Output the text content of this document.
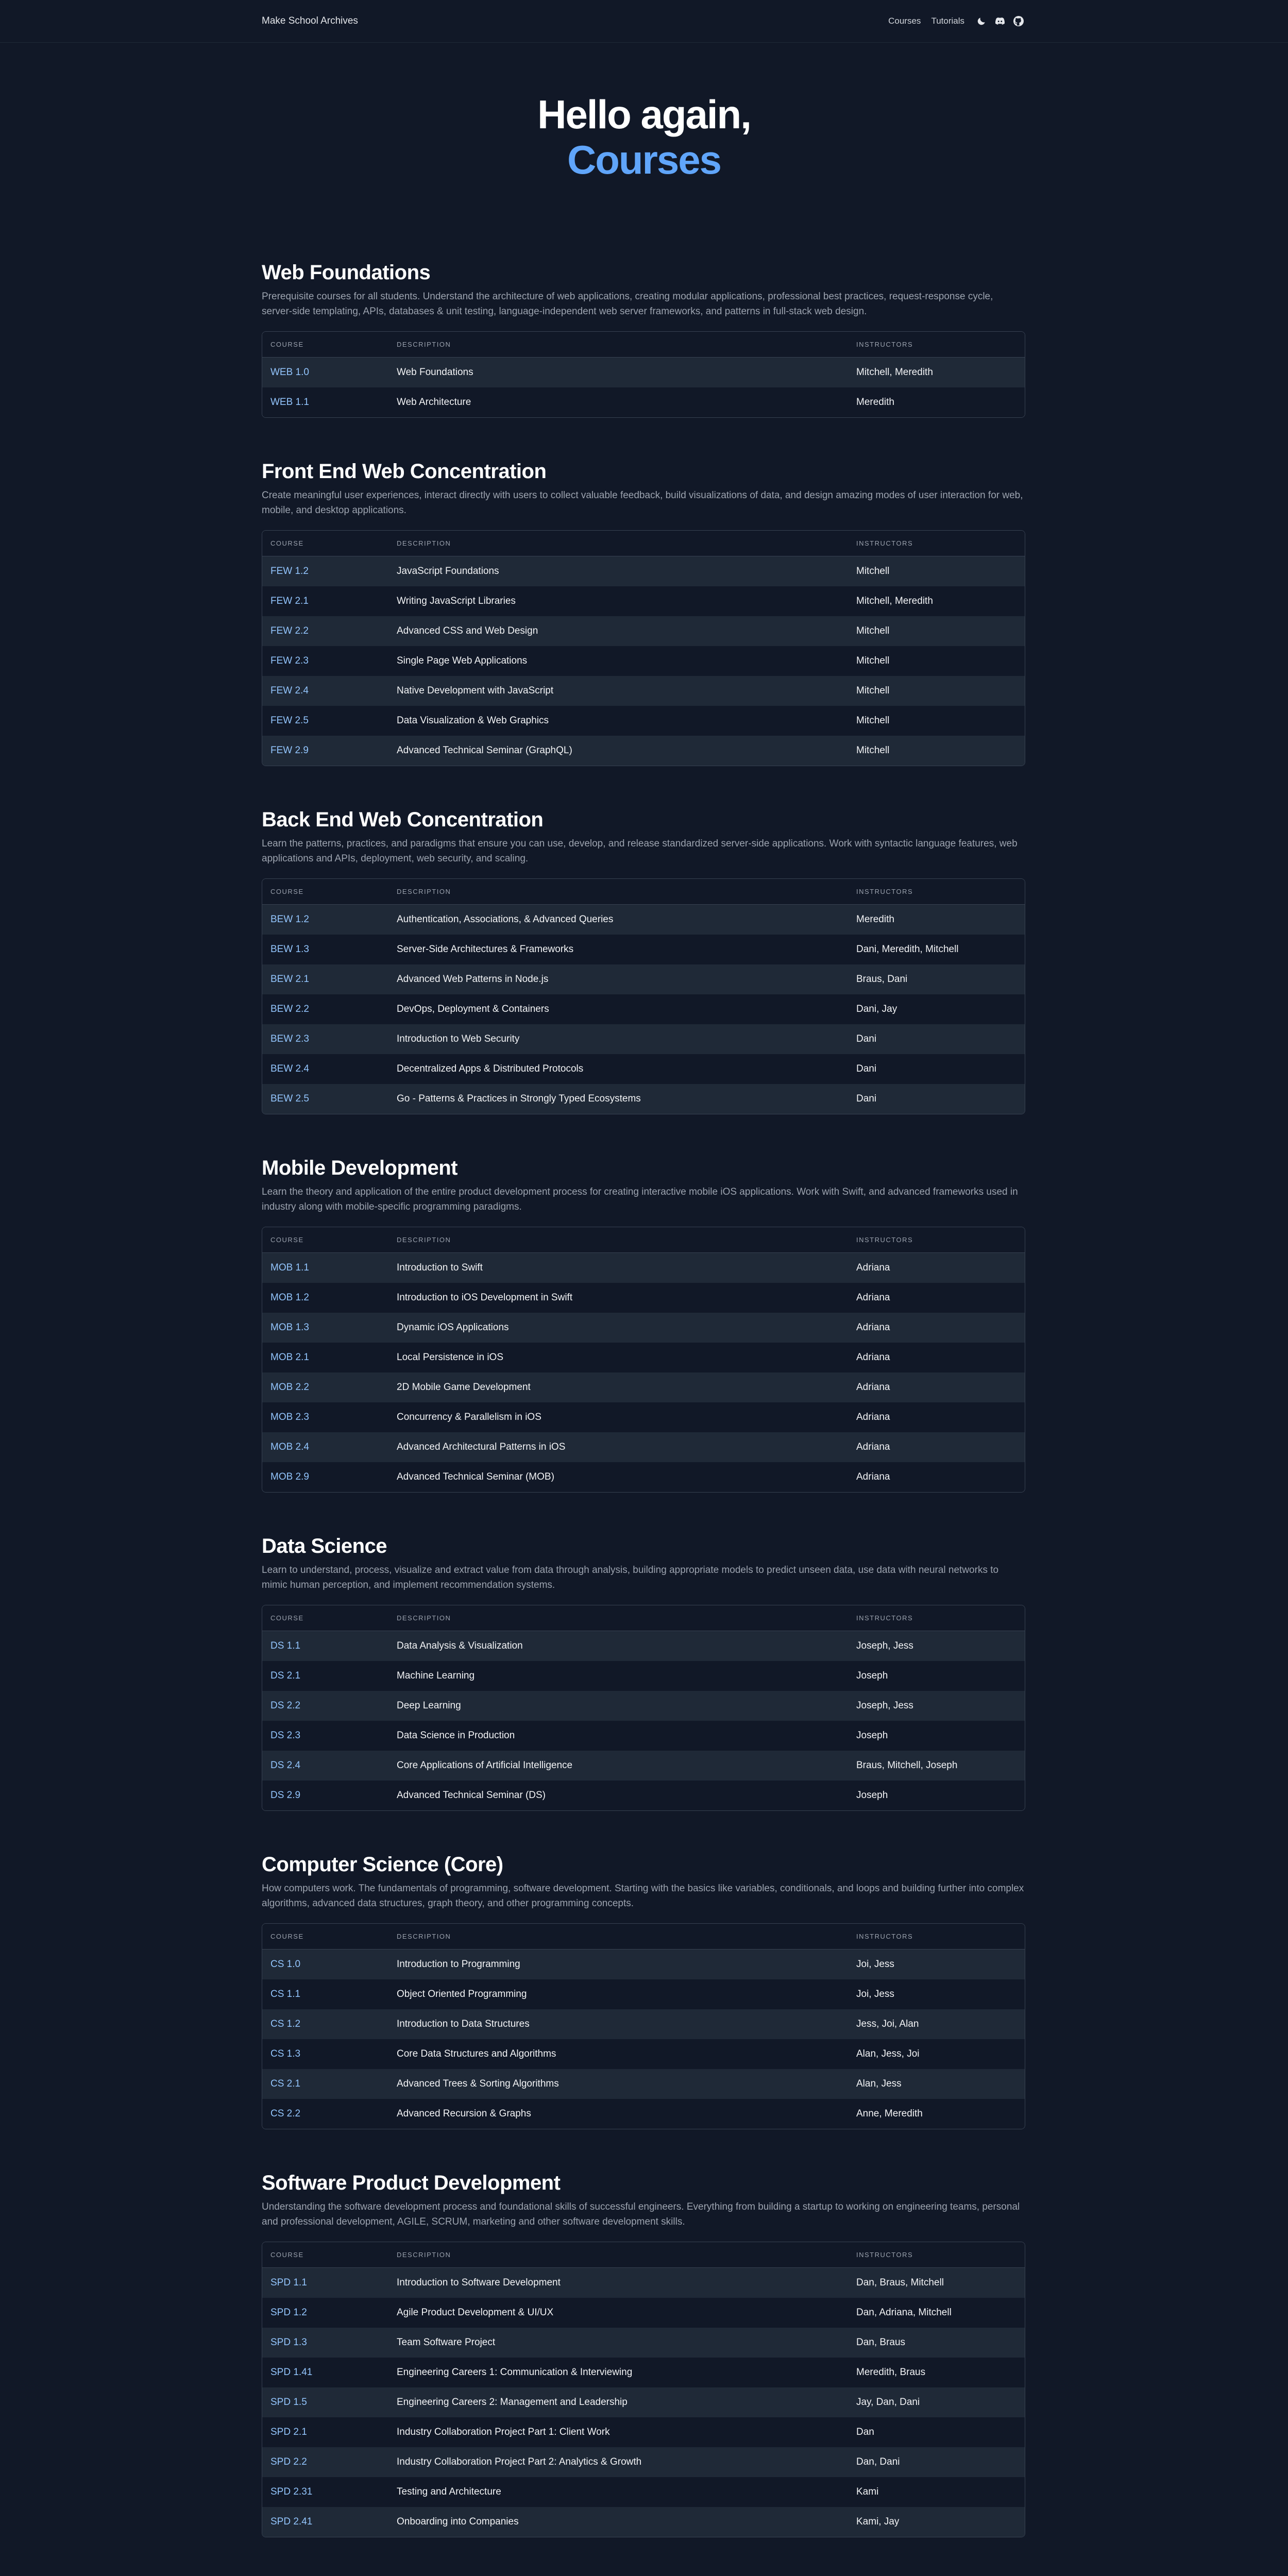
Make School Archives	Courses Tutorials
Hello again,
Courses
Web Foundations

Prerequisite courses for all students. Understand the architecture of web applications, creating modular applications, professional best practices, request-response cycle, server-side templating, APIs, databases & unit testing, language-independent web server frameworks, and patterns in full-stack web design.

COURSE	DESCRIPTION	INSTRUCTORS
WEB 1.0	Web Foundations	Mitchell, Meredith
WEB 1.1	Web Architecture	Meredith
Front End Web Concentration

Create meaningful user experiences, interact directly with users to collect valuable feedback, build visualizations of data, and design amazing modes of user interaction for web, mobile, and desktop applications.

COURSE	DESCRIPTION	INSTRUCTORS
FEW 1.2	JavaScript Foundations	Mitchell
FEW 2.1	Writing JavaScript Libraries	Mitchell, Meredith
FEW 2.2	Advanced CSS and Web Design	Mitchell
FEW 2.3	Single Page Web Applications	Mitchell
FEW 2.4	Native Development with JavaScript	Mitchell
FEW 2.5	Data Visualization & Web Graphics	Mitchell
FEW 2.9	Advanced Technical Seminar (GraphQL)	Mitchell
Back End Web Concentration

Learn the patterns, practices, and paradigms that ensure you can use, develop, and release standardized server-side applications. Work with syntactic language features, web applications and APIs, deployment, web security, and scaling.

COURSE	DESCRIPTION	INSTRUCTORS
BEW 1.2	Authentication, Associations, & Advanced Queries	Meredith
BEW 1.3	Server-Side Architectures & Frameworks	Dani, Meredith, Mitchell
BEW 2.1	Advanced Web Patterns in Node.js	Braus, Dani
BEW 2.2	DevOps, Deployment & Containers	Dani, Jay
BEW 2.3	Introduction to Web Security	Dani
BEW 2.4	Decentralized Apps & Distributed Protocols	Dani
BEW 2.5	Go - Patterns & Practices in Strongly Typed Ecosystems	Dani
Mobile Development

Learn the theory and application of the entire product development process for creating interactive mobile iOS applications. Work with Swift, and advanced frameworks used in industry along with mobile-specific programming paradigms.

COURSE	DESCRIPTION	INSTRUCTORS
MOB 1.1	Introduction to Swift	Adriana
MOB 1.2	Introduction to iOS Development in Swift	Adriana
MOB 1.3	Dynamic iOS Applications	Adriana
MOB 2.1	Local Persistence in iOS	Adriana
MOB 2.2	2D Mobile Game Development	Adriana
MOB 2.3	Concurrency & Parallelism in iOS	Adriana
MOB 2.4	Advanced Architectural Patterns in iOS	Adriana
MOB 2.9	Advanced Technical Seminar (MOB)	Adriana
Data Science

Learn to understand, process, visualize and extract value from data through analysis, building appropriate models to predict unseen data, use data with neural networks to mimic human perception, and implement recommendation systems.

COURSE	DESCRIPTION	INSTRUCTORS
DS 1.1	Data Analysis & Visualization	Joseph, Jess
DS 2.1	Machine Learning	Joseph
DS 2.2	Deep Learning	Joseph, Jess
DS 2.3	Data Science in Production	Joseph
DS 2.4	Core Applications of Artificial Intelligence	Braus, Mitchell, Joseph
DS 2.9	Advanced Technical Seminar (DS)	Joseph
Computer Science (Core)

How computers work. The fundamentals of programming, software development. Starting with the basics like variables, conditionals, and loops and building further into complex algorithms, advanced data structures, graph theory, and other programming concepts.

COURSE	DESCRIPTION	INSTRUCTORS
CS 1.0	Introduction to Programming	Joi, Jess
CS 1.1	Object Oriented Programming	Joi, Jess
CS 1.2	Introduction to Data Structures	Jess, Joi, Alan
CS 1.3	Core Data Structures and Algorithms	Alan, Jess, Joi
CS 2.1	Advanced Trees & Sorting Algorithms	Alan, Jess
CS 2.2	Advanced Recursion & Graphs	Anne, Meredith
Software Product Development

Understanding the software development process and foundational skills of successful engineers. Everything from building a startup to working on engineering teams, personal and professional development, AGILE, SCRUM, marketing and other software development skills.

COURSE	DESCRIPTION	INSTRUCTORS
SPD 1.1	Introduction to Software Development	Dan, Braus, Mitchell
SPD 1.2	Agile Product Development & UI/UX	Dan, Adriana, Mitchell
SPD 1.3	Team Software Project	Dan, Braus
SPD 1.41	Engineering Careers 1: Communication & Interviewing	Meredith, Braus
SPD 1.5	Engineering Careers 2: Management and Leadership	Jay, Dan, Dani
SPD 2.1	Industry Collaboration Project Part 1: Client Work	Dan
SPD 2.2	Industry Collaboration Project Part 2: Analytics & Growth	Dan, Dani
SPD 2.31	Testing and Architecture	Kami
SPD 2.41	Onboarding into Companies	Kami, Jay
